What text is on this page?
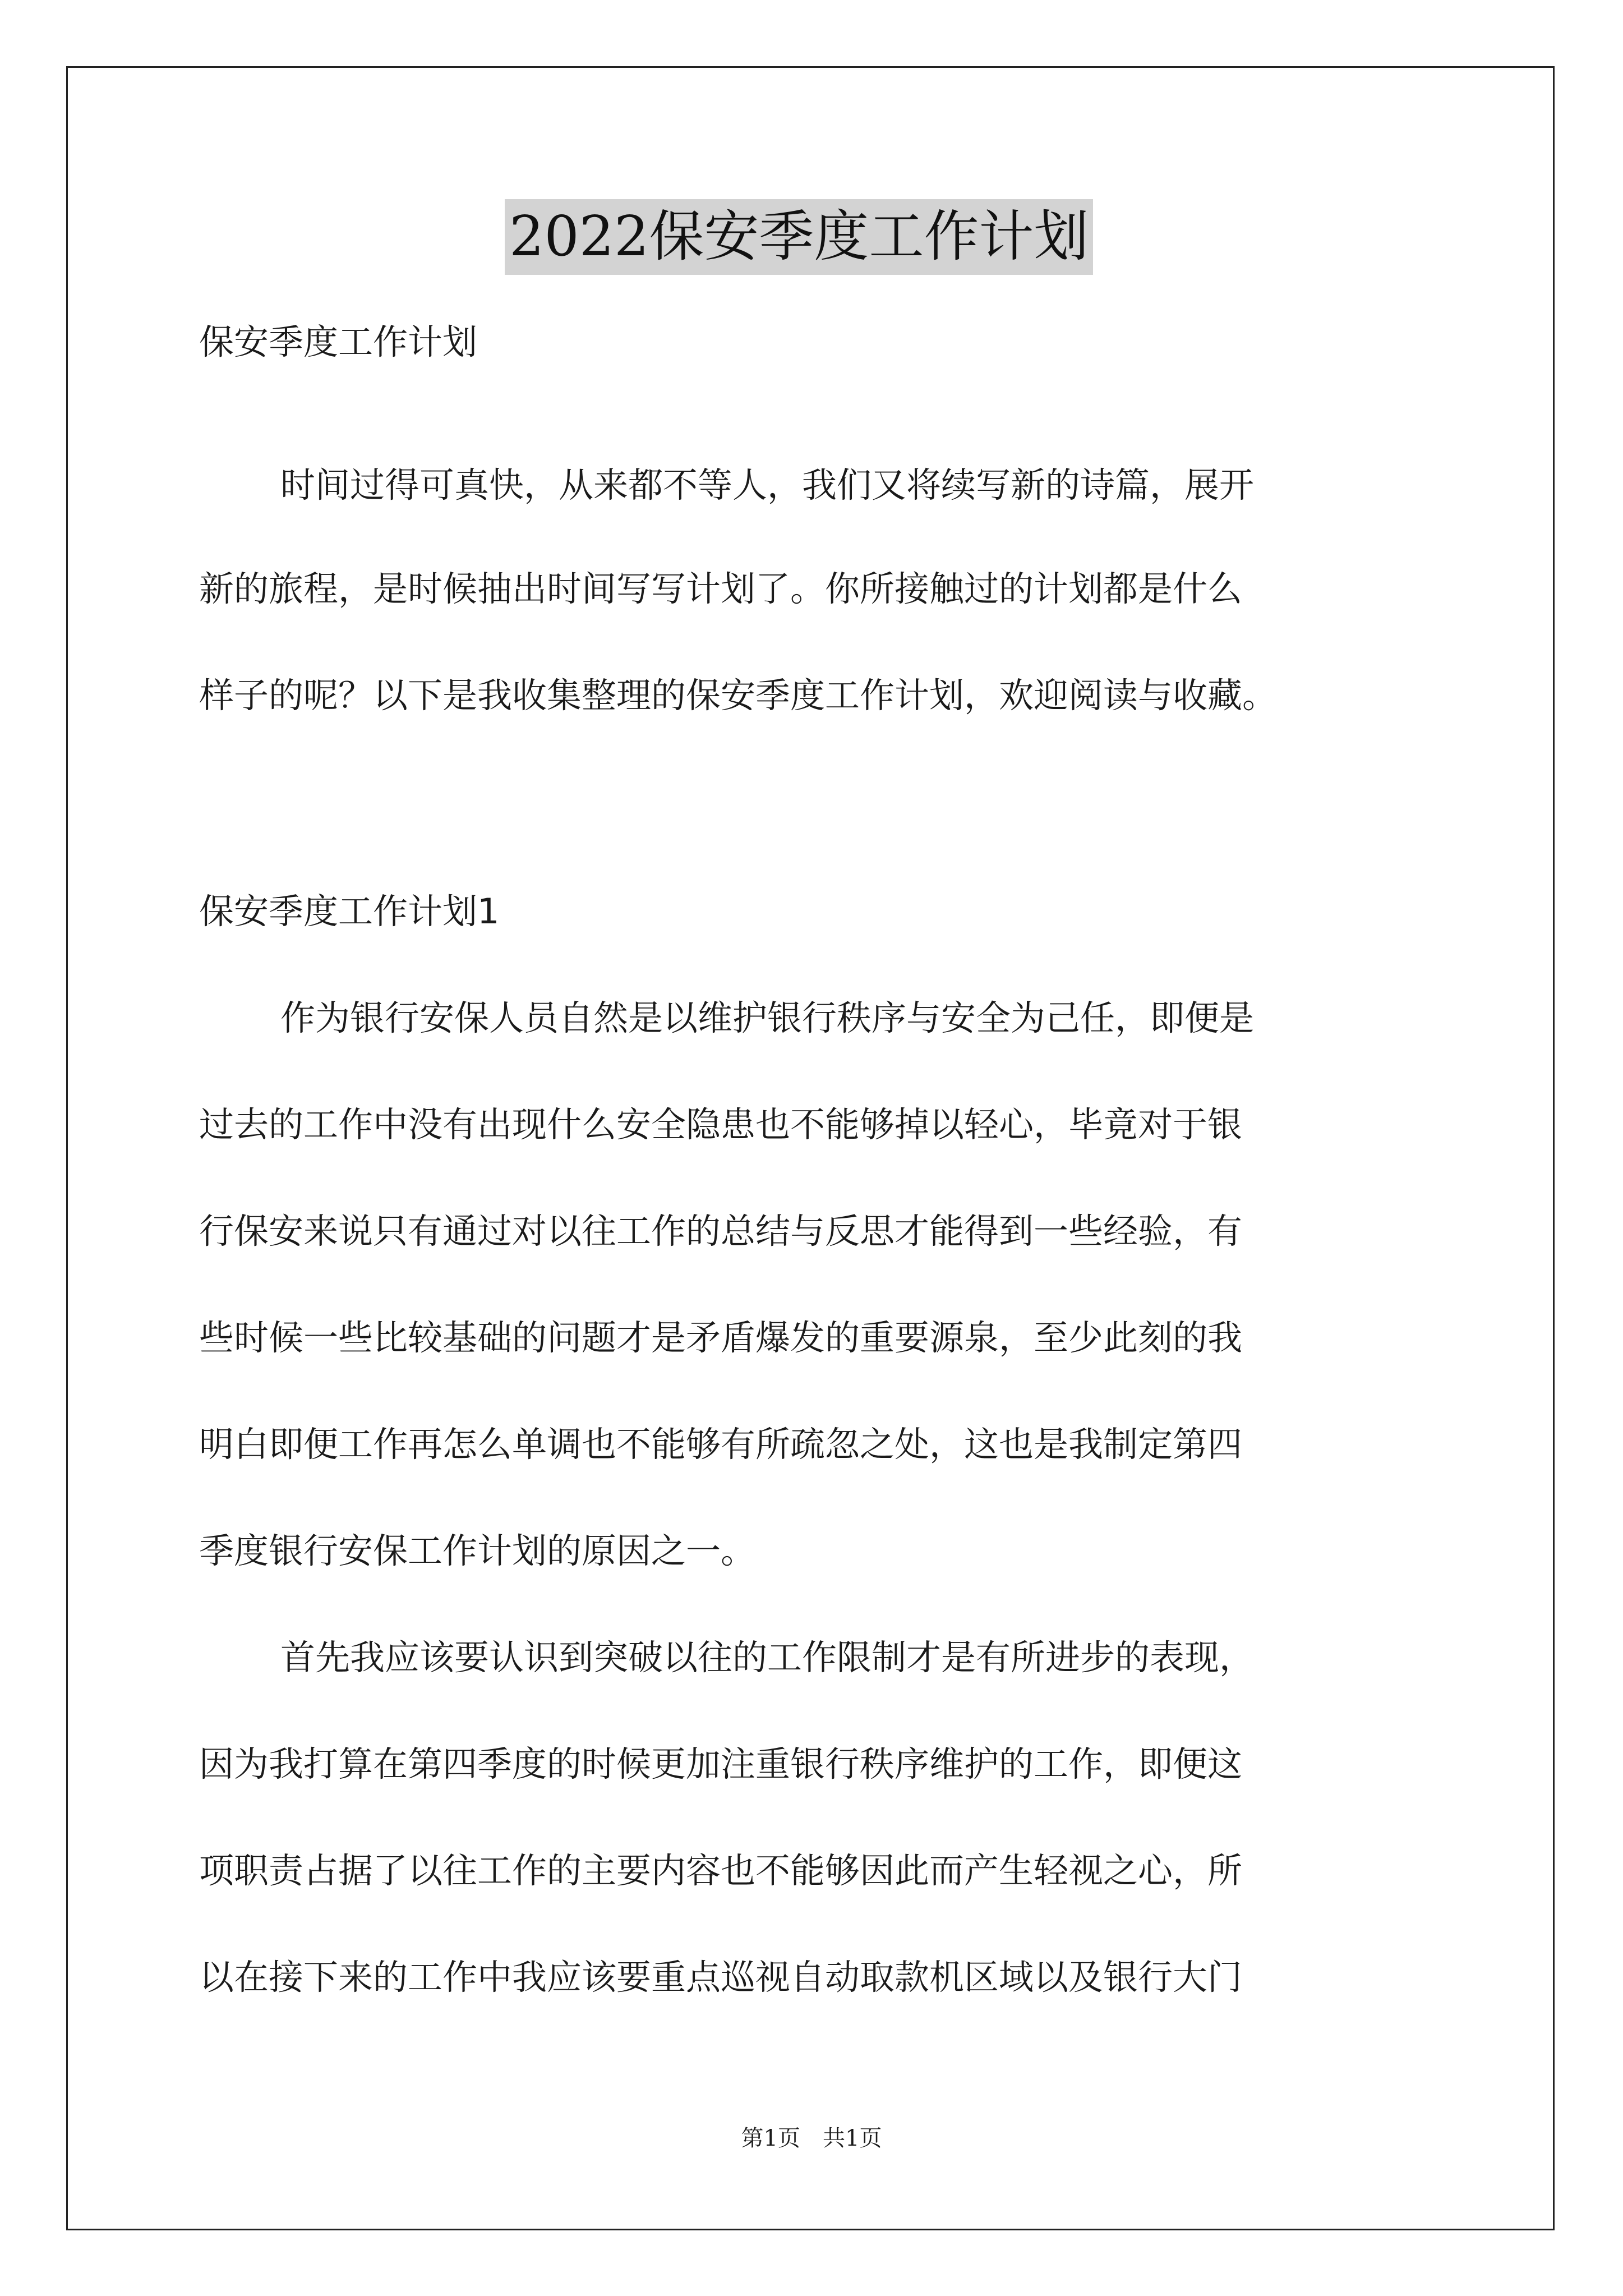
2022保安季度工作计划
保安季度工作计划
时间过得可真快，从来都不等人，我们又将续写新的诗篇，展开
新的旅程，是时候抽出时间写写计划了。你所接触过的计划都是什么
样子的呢？以下是我收集整理的保安季度工作计划，欢迎阅读与收藏。
保安季度工作计划1
作为银行安保人员自然是以维护银行秩序与安全为己任，即便是
过去的工作中没有出现什么安全隐患也不能够掉以轻心，毕竟对于银
行保安来说只有通过对以往工作的总结与反思才能得到一些经验，有
些时候一些比较基础的问题才是矛盾爆发的重要源泉，至少此刻的我
明白即便工作再怎么单调也不能够有所疏忽之处，这也是我制定第四
季度银行安保工作计划的原因之一。
首先我应该要认识到突破以往的工作限制才是有所进步的表现，
因为我打算在第四季度的时候更加注重银行秩序维护的工作，即便这
项职责占据了以往工作的主要内容也不能够因此而产生轻视之心，所
以在接下来的工作中我应该要重点巡视自动取款机区域以及银行大门
第1页　共1页
